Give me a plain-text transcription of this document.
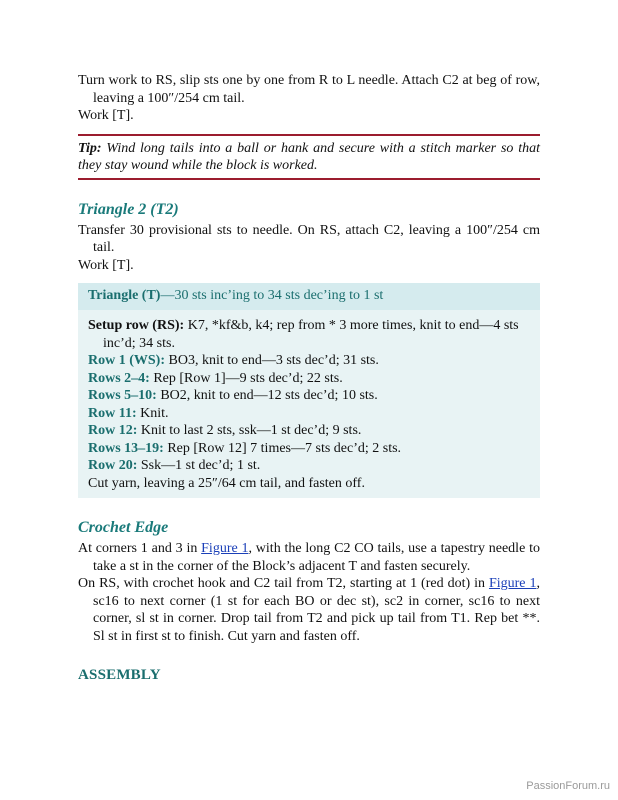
Turn work to RS, slip sts one by one from R to L needle. Attach C2 at beg of row, leaving a 100″/254 cm tail.

Work [T].

Tip: Wind long tails into a ball or hank and secure with a stitch marker so that they stay wound while the block is worked.

Triangle 2 (T2)

Transfer 30 provisional sts to needle. On RS, attach C2, leaving a 100″/254 cm tail.

Work [T].

Triangle (T)—30 sts inc’ing to 34 sts dec’ing to 1 st

Setup row (RS): K7, *kf&b, k4; rep from * 3 more times, knit to end—4 sts inc’d; 34 sts.

Row 1 (WS): BO3, knit to end—3 sts dec’d; 31 sts.

Rows 2–4: Rep [Row 1]—9 sts dec’d; 22 sts.

Rows 5–10: BO2, knit to end—12 sts dec’d; 10 sts.

Row 11: Knit.

Row 12: Knit to last 2 sts, ssk—1 st dec’d; 9 sts.

Rows 13–19: Rep [Row 12] 7 times—7 sts dec’d; 2 sts.

Row 20: Ssk—1 st dec’d; 1 st.

Cut yarn, leaving a 25″/64 cm tail, and fasten off.

Crochet Edge

At corners 1 and 3 in Figure 1, with the long C2 CO tails, use a tapestry needle to take a st in the corner of the Block’s adjacent T and fasten securely.

On RS, with crochet hook and C2 tail from T2, starting at 1 (red dot) in Figure 1, sc16 to next corner (1 st for each BO or dec st), sc2 in corner, sc16 to next corner, sl st in corner. Drop tail from T2 and pick up tail from T1. Rep bet **. Sl st in first st to finish. Cut yarn and fasten off.

ASSEMBLY
PassionForum.ru
